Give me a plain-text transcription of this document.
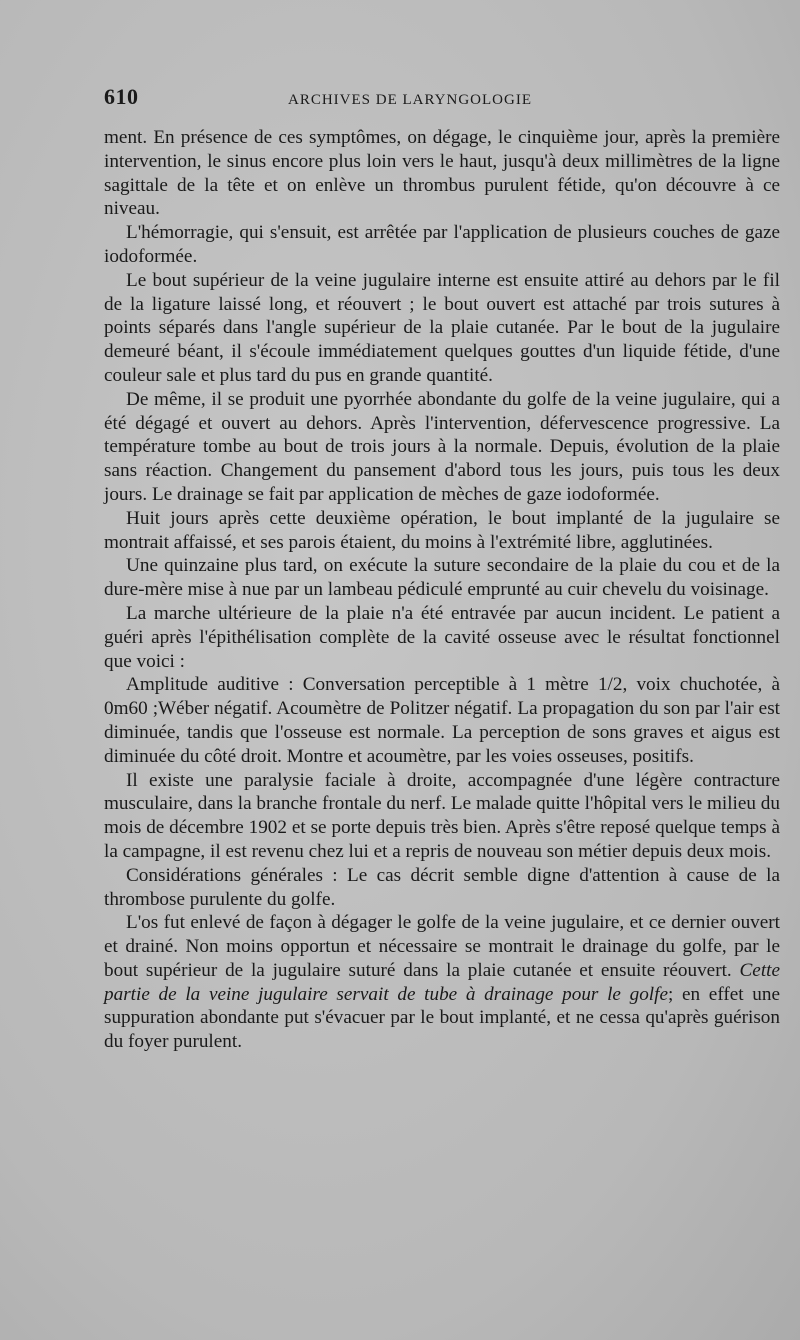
610	ARCHIVES DE LARYNGOLOGIE

ment. En présence de ces symptômes, on dégage, le cinquième jour, après la première intervention, le sinus encore plus loin vers le haut, jusqu'à deux millimètres de la ligne sagittale de la tête et on enlève un thrombus purulent fétide, qu'on découvre à ce niveau.

L'hémorragie, qui s'ensuit, est arrêtée par l'application de plusieurs couches de gaze iodoformée.

Le bout supérieur de la veine jugulaire interne est ensuite attiré au dehors par le fil de la ligature laissé long, et réouvert ; le bout ouvert est attaché par trois sutures à points séparés dans l'angle supérieur de la plaie cutanée. Par le bout de la jugulaire demeuré béant, il s'écoule immédiatement quelques gouttes d'un liquide fétide, d'une couleur sale et plus tard du pus en grande quantité.

De même, il se produit une pyorrhée abondante du golfe de la veine jugulaire, qui a été dégagé et ouvert au dehors. Après l'intervention, défervescence progressive. La température tombe au bout de trois jours à la normale. Depuis, évolution de la plaie sans réaction. Changement du pansement d'abord tous les jours, puis tous les deux jours. Le drainage se fait par application de mèches de gaze iodoformée.

Huit jours après cette deuxième opération, le bout implanté de la jugulaire se montrait affaissé, et ses parois étaient, du moins à l'extrémité libre, agglutinées.

Une quinzaine plus tard, on exécute la suture secondaire de la plaie du cou et de la dure-mère mise à nue par un lambeau pédiculé emprunté au cuir chevelu du voisinage.

La marche ultérieure de la plaie n'a été entravée par aucun incident. Le patient a guéri après l'épithélisation complète de la cavité osseuse avec le résultat fonctionnel que voici :

Amplitude auditive : Conversation perceptible à 1 mètre 1/2, voix chuchotée, à 0m60 ;Wéber négatif. Acoumètre de Politzer négatif. La propagation du son par l'air est diminuée, tandis que l'osseuse est normale. La perception de sons graves et aigus est diminuée du côté droit. Montre et acoumètre, par les voies osseuses, positifs.

Il existe une paralysie faciale à droite, accompagnée d'une légère contracture musculaire, dans la branche frontale du nerf. Le malade quitte l'hôpital vers le milieu du mois de décembre 1902 et se porte depuis très bien. Après s'être reposé quelque temps à la campagne, il est revenu chez lui et a repris de nouveau son métier depuis deux mois.

Considérations générales : Le cas décrit semble digne d'attention à cause de la thrombose purulente du golfe.

L'os fut enlevé de façon à dégager le golfe de la veine jugulaire, et ce dernier ouvert et drainé. Non moins opportun et nécessaire se montrait le drainage du golfe, par le bout supérieur de la jugulaire suturé dans la plaie cutanée et ensuite réouvert. Cette partie de la veine jugulaire servait de tube à drainage pour le golfe; en effet une suppuration abondante put s'évacuer par le bout implanté, et ne cessa qu'après guérison du foyer purulent.
